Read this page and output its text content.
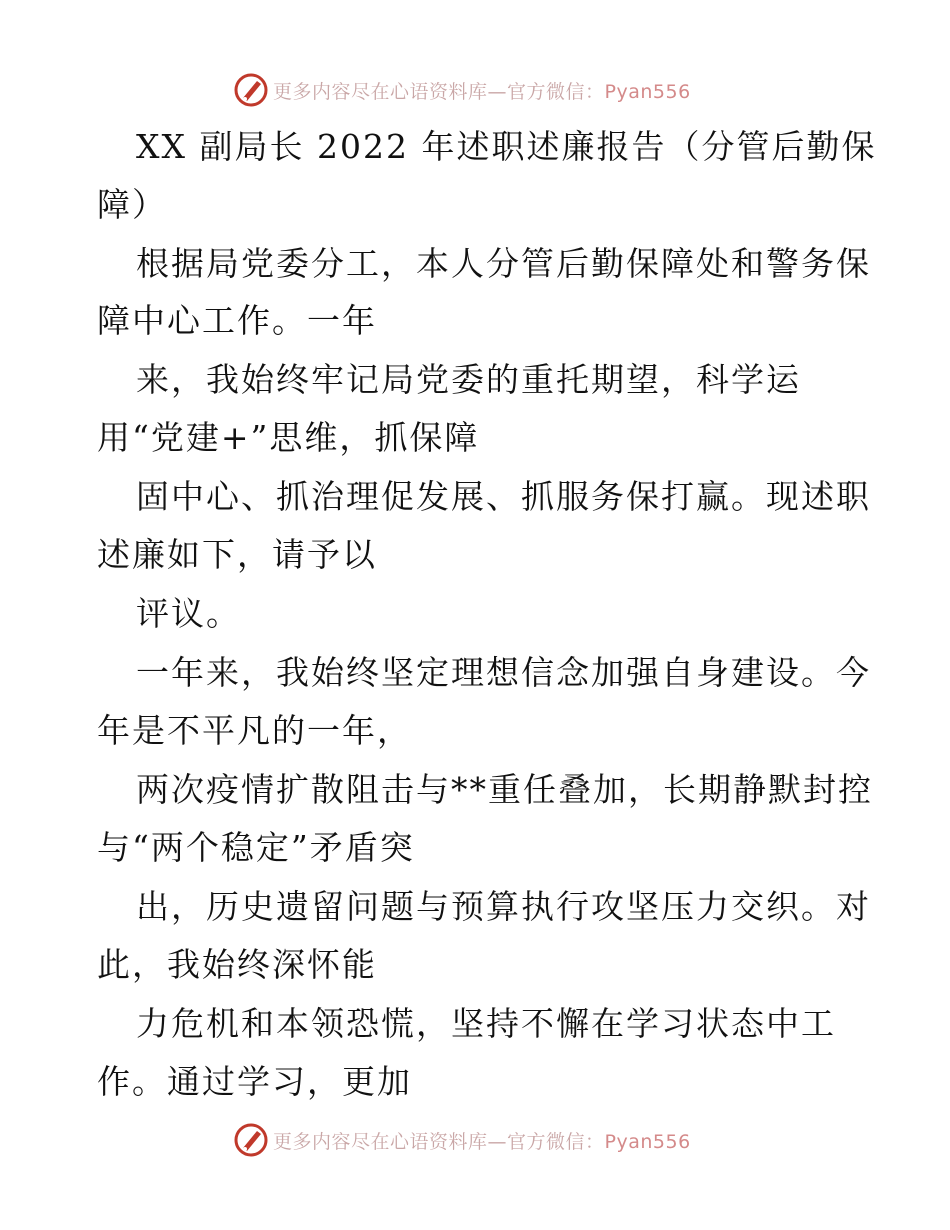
更多内容尽在心语资料库—官方微信：Pyan556
XX 副局长 2022 年述职述廉报告（分管后勤保
障）
根据局党委分工，本人分管后勤保障处和警务保
障中心工作。一年
来，我始终牢记局党委的重托期望，科学运
用“党建+”思维，抓保障
固中心、抓治理促发展、抓服务保打赢。现述职
述廉如下，请予以
评议。
一年来，我始终坚定理想信念加强自身建设。今
年是不平凡的一年，
两次疫情扩散阻击与**重任叠加，长期静默封控
与“两个稳定”矛盾突
出，历史遗留问题与预算执行攻坚压力交织。对
此，我始终深怀能
力危机和本领恐慌，坚持不懈在学习状态中工
作。通过学习，更加
更多内容尽在心语资料库—官方微信：Pyan556
